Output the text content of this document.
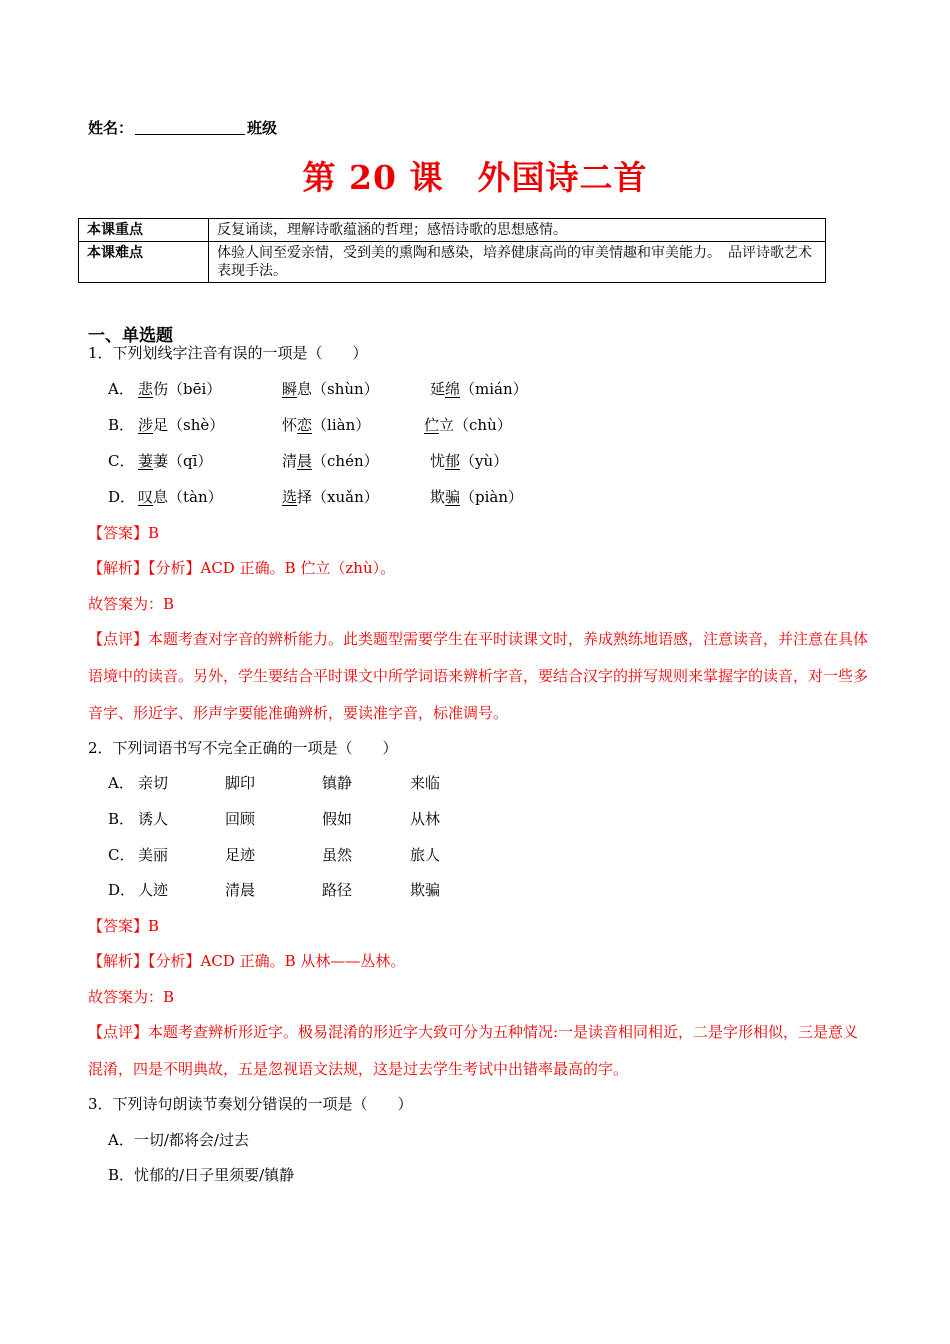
姓名：	班级
第 20 课　外国诗二首
本课重点	反复诵读，理解诗歌蕴涵的哲理；感悟诗歌的思想感情。
本课难点	体验人间至爱亲情，受到美的熏陶和感染，培养健康高尚的审美情趣和审美能力。　品评诗歌艺术表现手法。
一、单选题
1．下列划线字注音有误的一项是（　　）
A． 悲伤（bēi）	瞬息（shùn）	延绵（mián）
B． 涉足（shè）	怀恋（liàn）	伫立（chù）
C． 萋萋（qī）	清晨（chén）	忧郁（yù）
D． 叹息（tàn）	选择（xuǎn）	欺骗（piàn）
【答案】B
【解析】【分析】ACD 正确。B 伫立（zhù）。
故答案为：B
【点评】本题考查对字音的辨析能力。此类题型需要学生在平时读课文时，养成熟练地语感，注意读音，并注意在具体语境中的读音。另外，学生要结合平时课文中所学词语来辨析字音，要结合汉字的拼写规则来掌握字的读音，对一些多音字、形近字、形声字要能准确辨析，要读准字音，标准调号。
2．下列词语书写不完全正确的一项是（　　）
A． 亲切	脚印	镇静	来临
B． 诱人	回顾	假如	从林
C． 美丽	足迹	虽然	旅人
D． 人迹	清晨	路径	欺骗
【答案】B
【解析】【分析】ACD 正确。B 从林——丛林。
故答案为：B
【点评】本题考查辨析形近字。极易混淆的形近字大致可分为五种情况:一是读音相同相近，二是字形相似，三是意义混淆，四是不明典故，五是忽视语文法规，这是过去学生考试中出错率最高的字。
3．下列诗句朗读节奏划分错误的一项是（　　）
A．一切/都将会/过去
B．忧郁的/日子里须要/镇静
